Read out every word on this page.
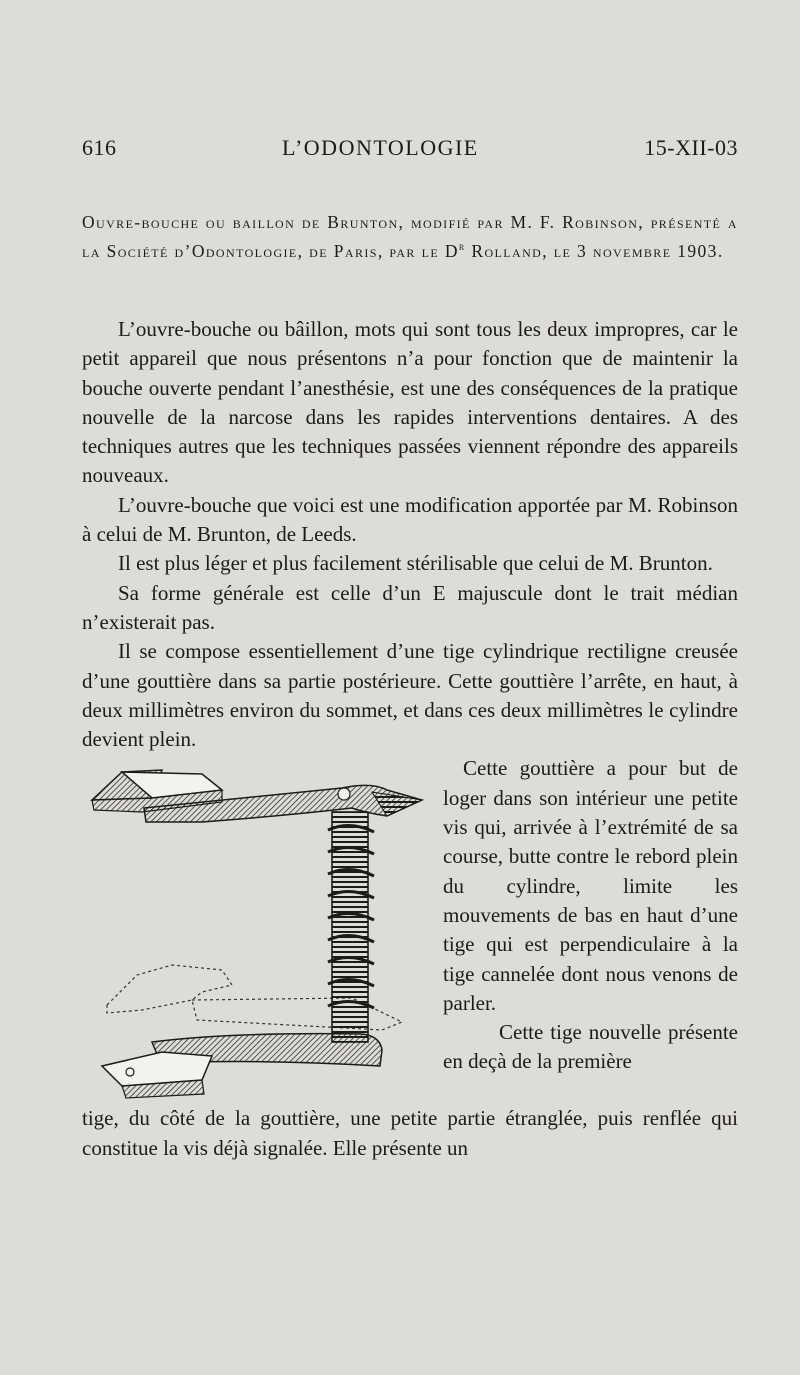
616	L’ODONTOLOGIE	15-XII-03
Ouvre-bouche ou baillon de Brunton, modifié par M. F. Robinson, présenté a la Société d’Odontologie, de Paris, par le $D^r$ Rolland, le 3 novembre 1903.

L’ouvre-bouche ou bâillon, mots qui sont tous les deux impropres, car le petit appareil que nous présentons n’a pour fonction que de maintenir la bouche ouverte pendant l’anesthésie, est une des conséquences de la pratique nouvelle de la narcose dans les rapides interventions dentaires. A des techniques autres que les techniques passées viennent répondre des appareils nouveaux.

L’ouvre-bouche que voici est une modification apportée par M. Robinson à celui de M. Brunton, de Leeds.

Il est plus léger et plus facilement stérilisable que celui de M. Brunton.

Sa forme générale est celle d’un E majuscule dont le trait médian n’existerait pas.

Il se compose essentiellement d’une tige cylindrique rectiligne creusée d’une gouttière dans sa partie postérieure. Cette gouttière l’arrête, en haut, à deux millimètres environ du sommet, et dans ces deux millimètres le cylindre devient plein.

Cette gouttière a pour but de loger dans son intérieur une petite vis qui, arrivée à l’extrémité de sa course, butte contre le rebord plein du cylindre, limite les mouvements de bas en haut d’une tige qui est perpendiculaire à la tige cannelée dont nous venons de parler.

Cette tige nouvelle présente en deçà de la première

tige, du côté de la gouttière, une petite partie étranglée, puis renflée qui constitue la vis déjà signalée. Elle présente un
